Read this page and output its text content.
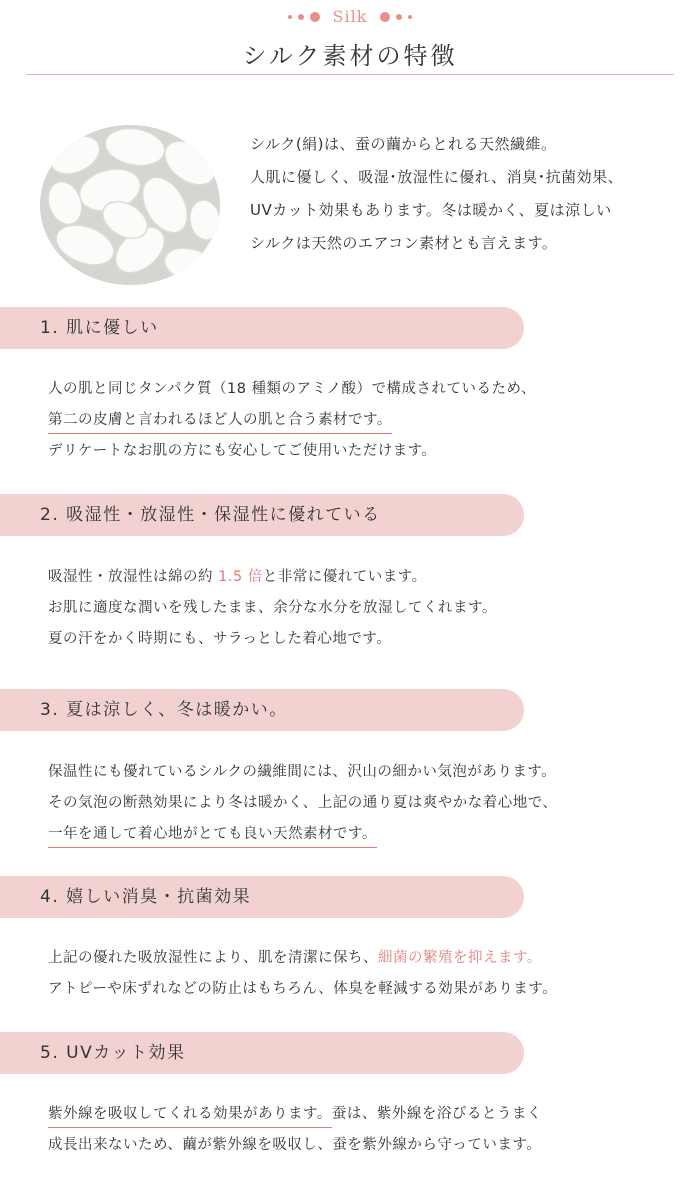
Silk
シルク素材の特徴

シルク(絹)は、蚕の繭からとれる天然繊維。

人肌に優しく、吸湿･放湿性に優れ、消臭･抗菌効果、

UVカット効果もあります。冬は暖かく、夏は涼しい

シルクは天然のエアコン素材とも言えます。

1. 肌に優しい

人の肌と同じタンパク質（18 種類のアミノ酸）で構成されているため、

第二の皮膚と言われるほど人の肌と合う素材です。

デリケートなお肌の方にも安心してご使用いただけます。

2. 吸湿性・放湿性・保湿性に優れている

吸湿性・放湿性は綿の約 1.5 倍と非常に優れています。

お肌に適度な潤いを残したまま、余分な水分を放湿してくれます。

夏の汗をかく時期にも、サラっとした着心地です。

3. 夏は涼しく、冬は暖かい。

保温性にも優れているシルクの繊維間には、沢山の細かい気泡があります。

その気泡の断熱効果により冬は暖かく、上記の通り夏は爽やかな着心地で、

一年を通して着心地がとても良い天然素材です。

4. 嬉しい消臭・抗菌効果

上記の優れた吸放湿性により、肌を清潔に保ち、細菌の繁殖を抑えます。

アトピーや床ずれなどの防止はもちろん、体臭を軽減する効果があります。

5. UVカット効果

紫外線を吸収してくれる効果があります。蚕は、紫外線を浴びるとうまく

成長出来ないため、繭が紫外線を吸収し、蚕を紫外線から守っています。
